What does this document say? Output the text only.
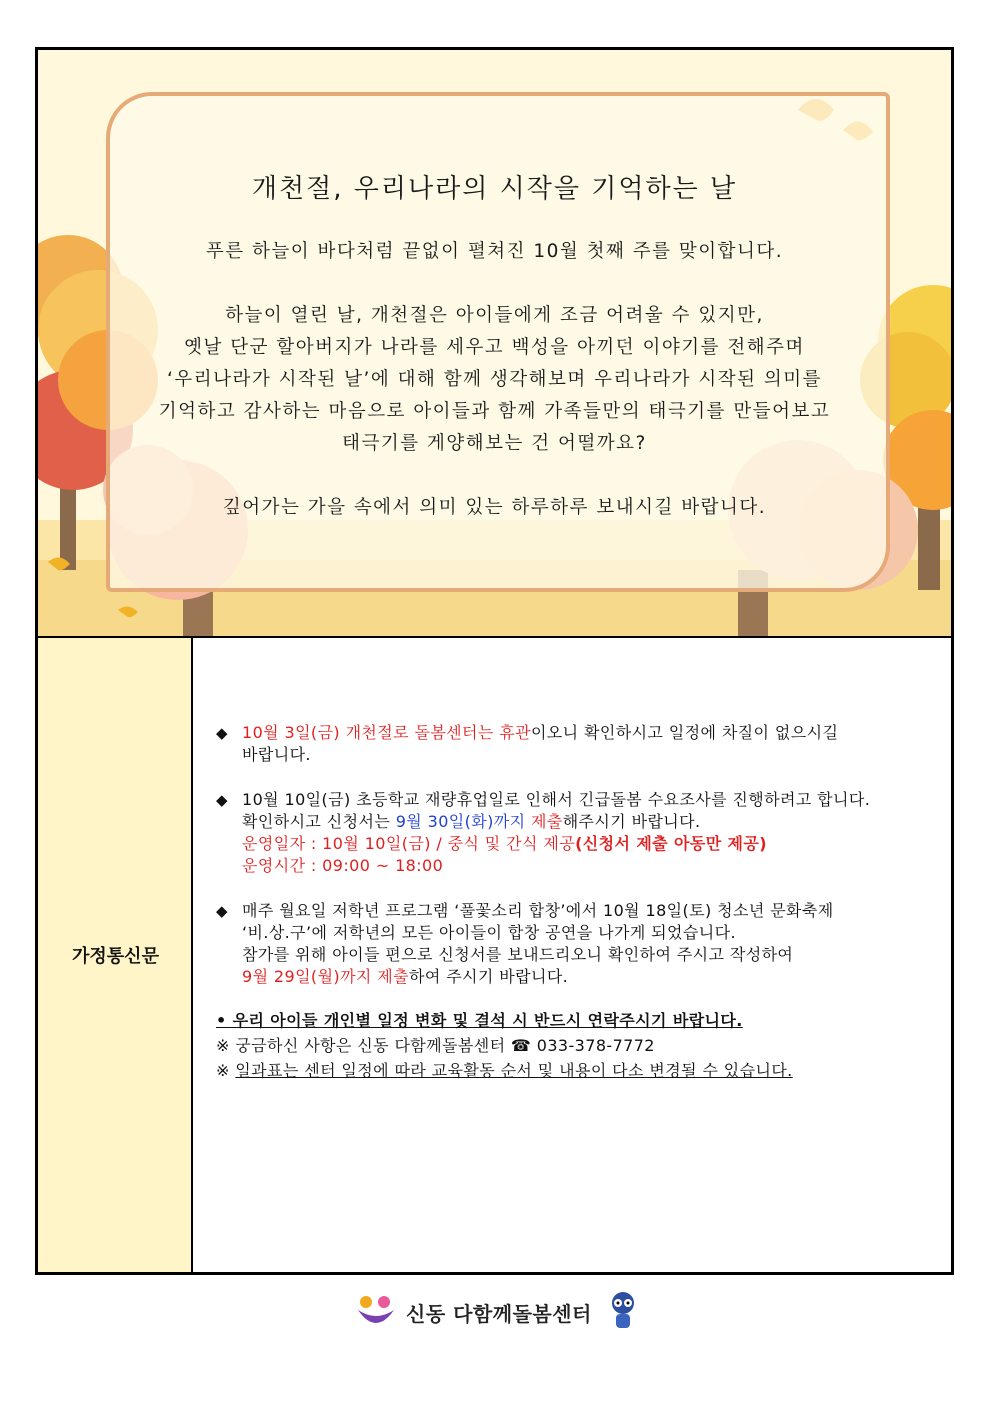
개천절, 우리나라의 시작을 기억하는 날
푸른 하늘이 바다처럼 끝없이 펼쳐진 10월 첫째 주를 맞이합니다.
하늘이 열린 날, 개천절은 아이들에게 조금 어려울 수 있지만,
옛날 단군 할아버지가 나라를 세우고 백성을 아끼던 이야기를 전해주며
‘우리나라가 시작된 날’에 대해 함께 생각해보며 우리나라가 시작된 의미를
기억하고 감사하는 마음으로 아이들과 함께 가족들만의 태극기를 만들어보고
태극기를 게양해보는 건 어떨까요?
깊어가는 가을 속에서 의미 있는 하루하루 보내시길 바랍니다.
가정통신문
◆ 10월 3일(금) 개천절로 돌봄센터는 휴관이오니 확인하시고 일정에 차질이 없으시길
바랍니다.
◆ 10월 10일(금) 초등학교 재량휴업일로 인해서 긴급돌봄 수요조사를 진행하려고 합니다.
확인하시고 신청서는 9월 30일(화)까지 제출해주시기 바랍니다.
운영일자 : 10월 10일(금) / 중식 및 간식 제공(신청서 제출 아동만 제공)
운영시간 : 09:00 ~ 18:00
◆ 매주 월요일 저학년 프로그램 ‘풀꽃소리 합창’에서 10월 18일(토) 청소년 문화축제
‘비.상.구’에 저학년의 모든 아이들이 합창 공연을 나가게 되었습니다.
참가를 위해 아이들 편으로 신청서를 보내드리오니 확인하여 주시고 작성하여
9월 29일(월)까지 제출하여 주시기 바랍니다.
• 우리 아이들 개인별 일정 변화 및 결석 시 반드시 연락주시기 바랍니다.
※ 궁금하신 사항은 신동 다함께돌봄센터 ☎ 033-378-7772
※ 일과표는 센터 일정에 따라 교육활동 순서 및 내용이 다소 변경될 수 있습니다.
신동 다함께돌봄센터
